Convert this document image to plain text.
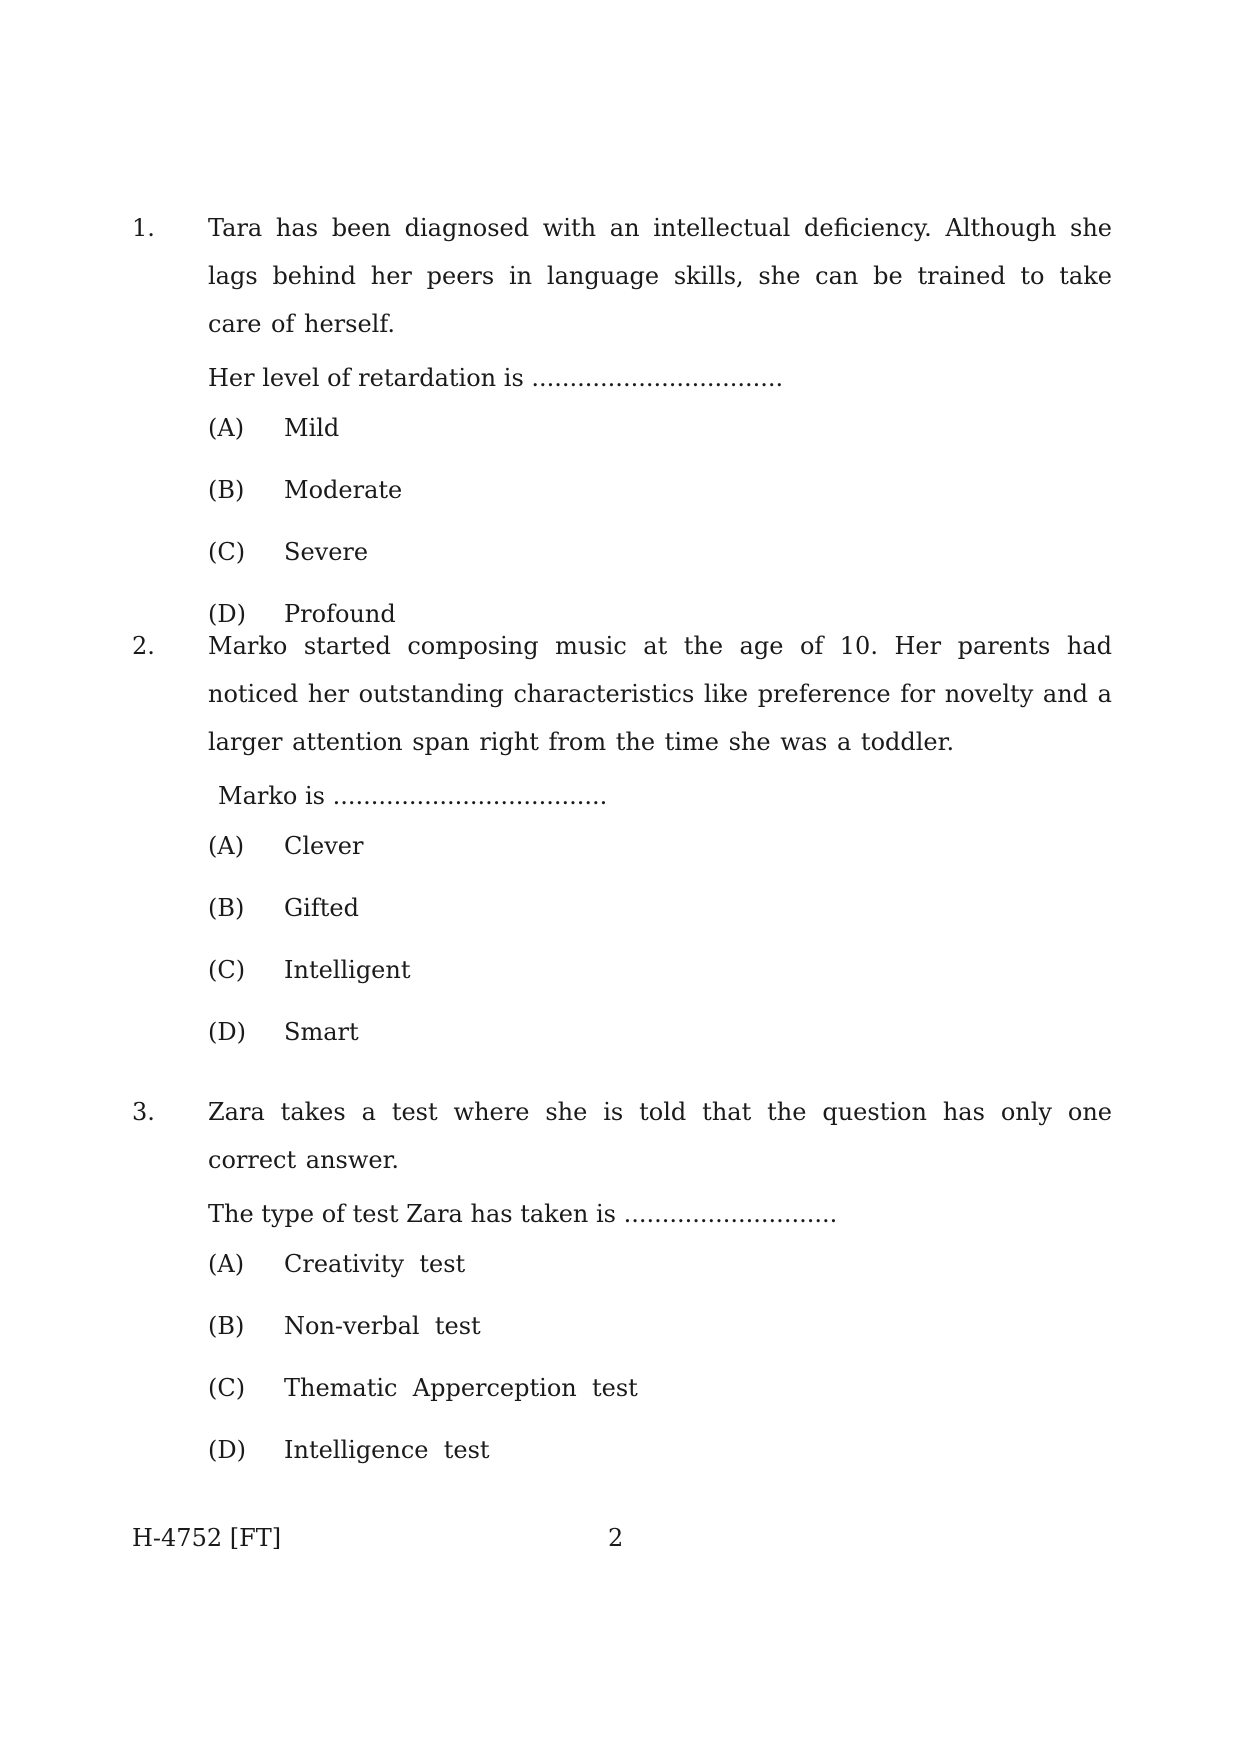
1.	Tara has been diagnosed with an intellectual deficiency. Although she lags behind her peers in language skills, she can be trained to take care of herself.

Her level of retardation is .................................

(A)	Mild
(B)	Moderate
(C)	Severe
(D)	Profound
2.	Marko started composing music at the age of 10. Her parents had noticed her outstanding characteristics like preference for novelty and a larger attention span right from the time she was a toddler.

Marko is ....................................

(A)	Clever
(B)	Gifted
(C)	Intelligent
(D)	Smart
3.	Zara takes a test where she is told that the question has only one correct answer.

The type of test Zara has taken is ............................

(A)	Creativity  test
(B)	Non-verbal  test
(C)	Thematic  Apperception  test
(D)	Intelligence  test
H-4752 [FT]	2
